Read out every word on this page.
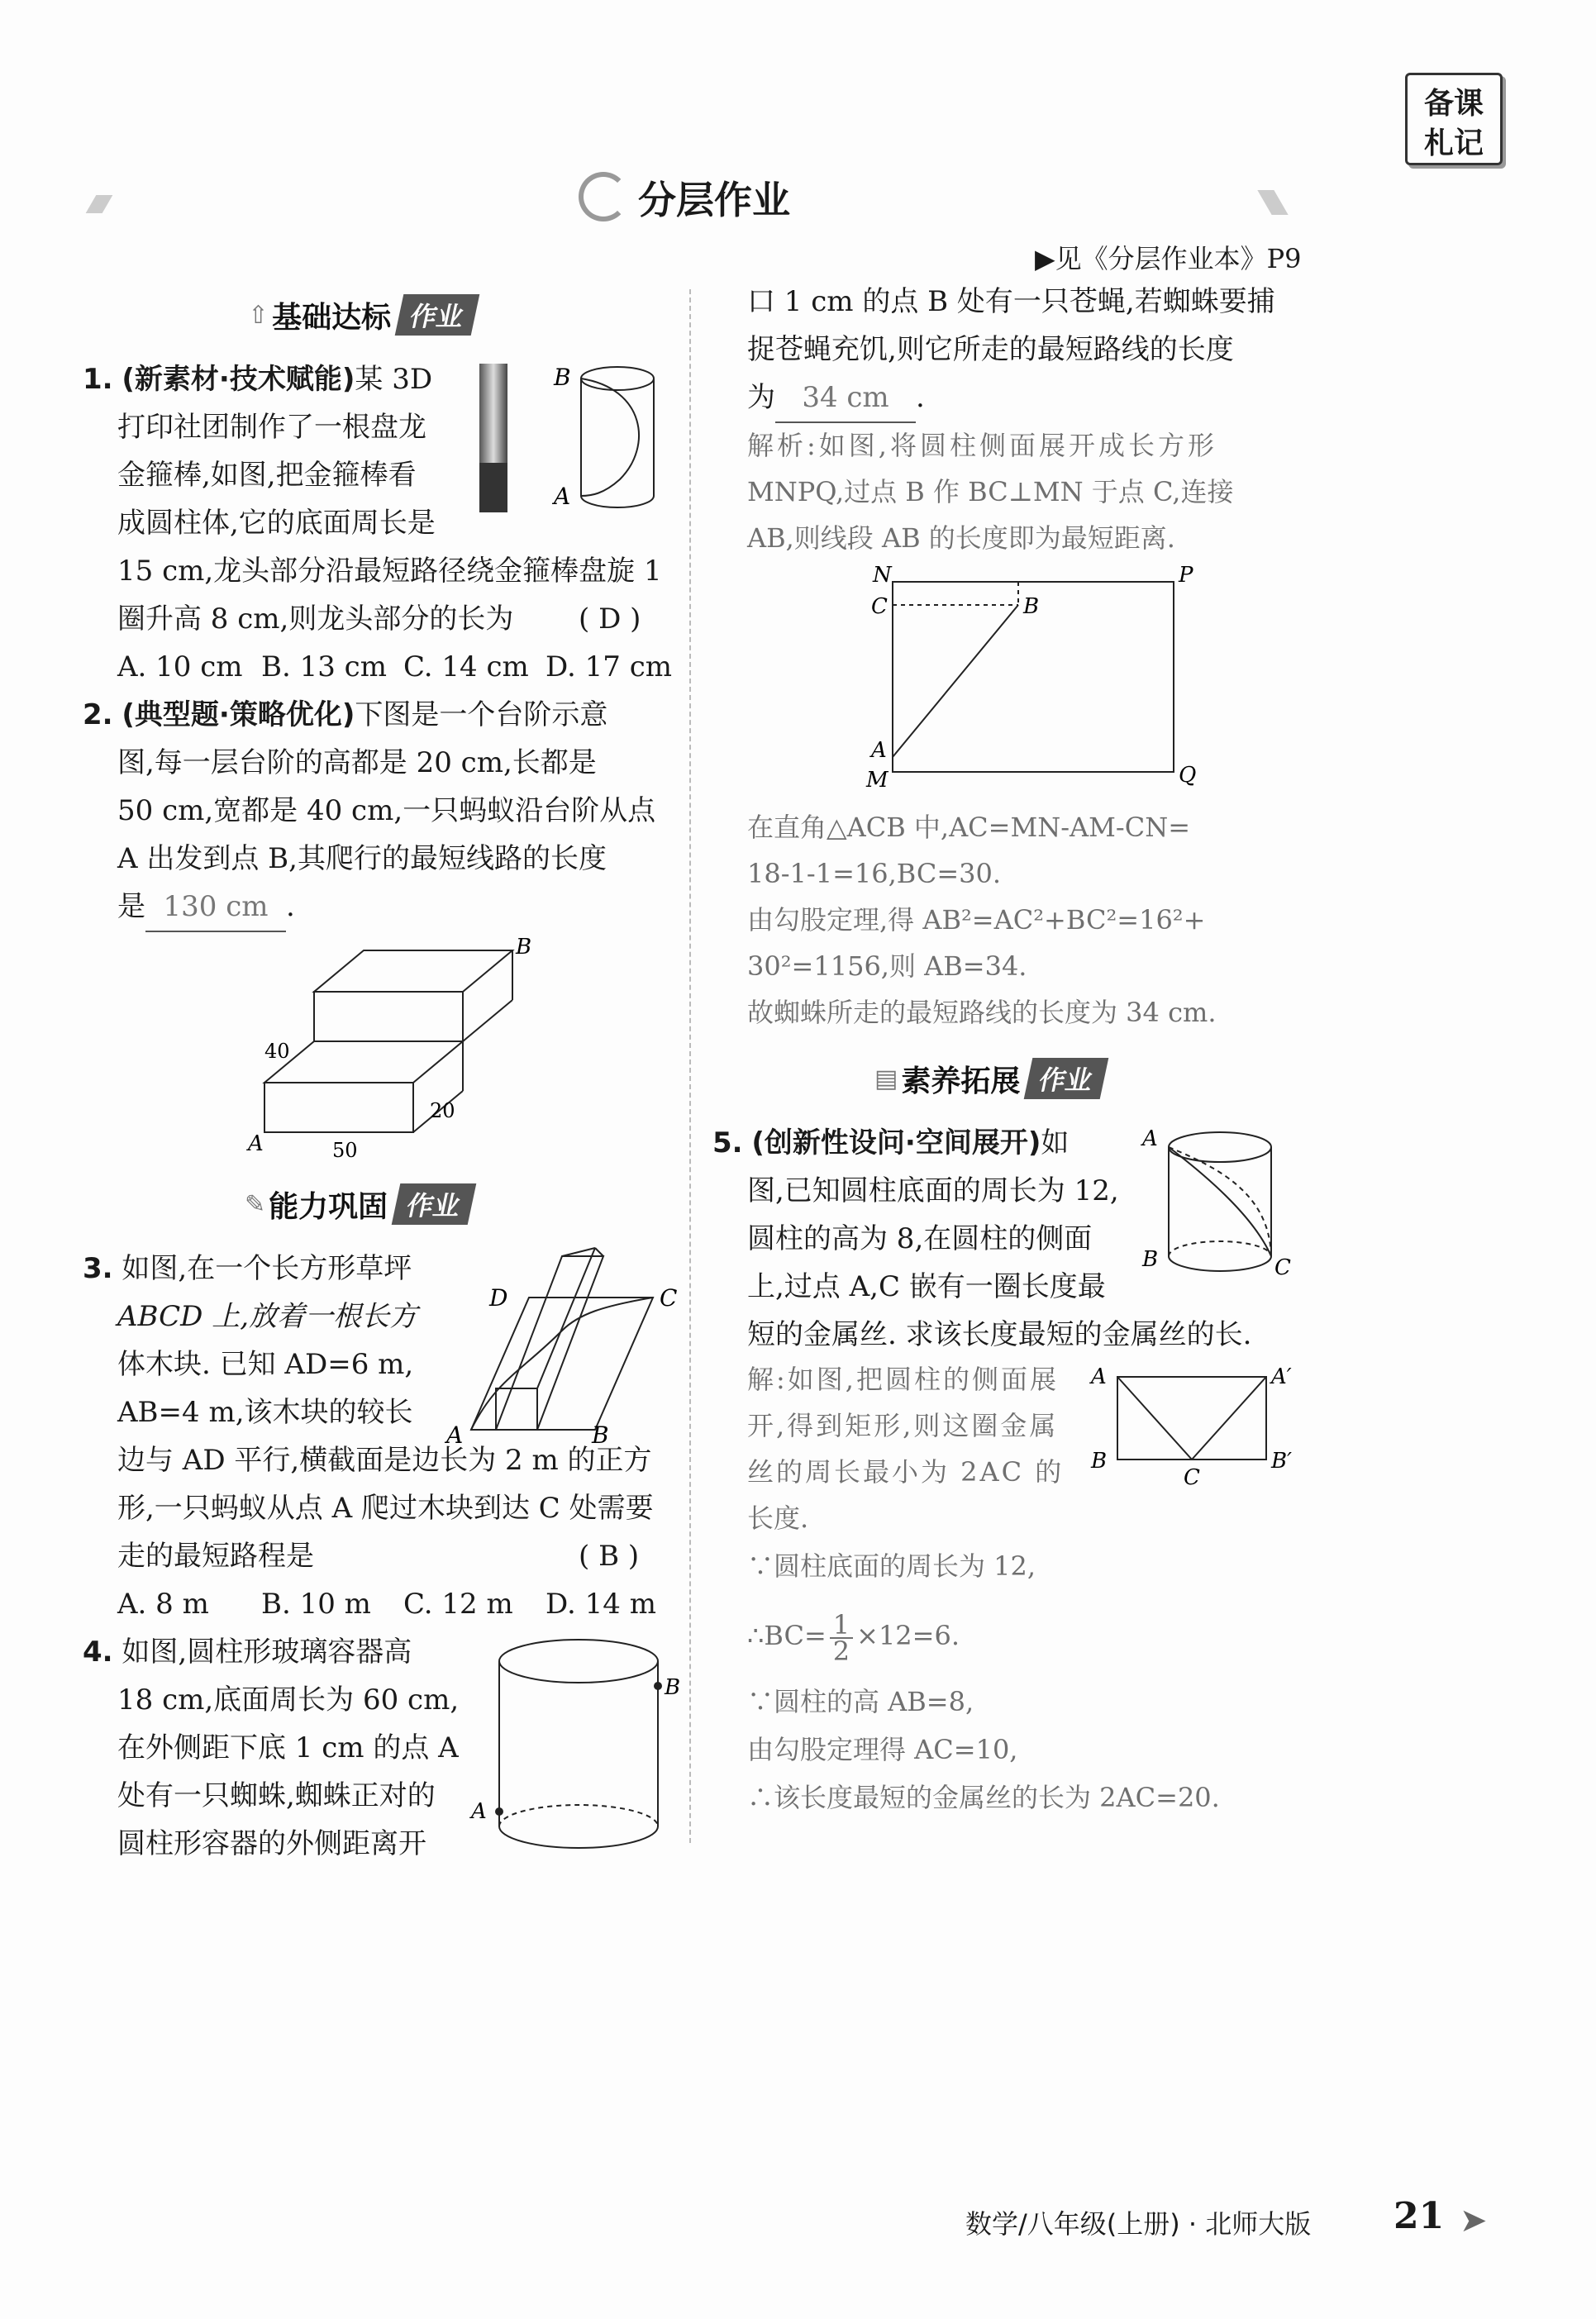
备课
札记
分层作业
▶见《分层作业本》P9
⇧ 基础达标 作业
1. (新素材·技术赋能)某 3D
打印社团制作了一根盘龙
金箍棒,如图,把金箍棒看
成圆柱体,它的底面周长是
15 cm,龙头部分沿最短路径绕金箍棒盘旋 1
圈升高 8 cm,则龙头部分的长为 ( D )
A. 10 cm B. 13 cm C. 14 cm D. 17 cm
B
A
2. (典型题·策略优化)下图是一个台阶示意
图,每一层台阶的高都是 20 cm,长都是
50 cm,宽都是 40 cm,一只蚂蚁沿台阶从点
A 出发到点 B,其爬行的最短线路的长度
是 130 cm .
B
A
40
20
50
✎ 能力巩固 作业
3. 如图,在一个长方形草坪
ABCD 上,放着一根长方
体木块. 已知 AD=6 m,
AB=4 m,该木块的较长
边与 AD 平行,横截面是边长为 2 m 的正方
形,一只蚂蚁从点 A 爬过木块到达 C 处需要
走的最短路程是	( B )
A. 8 m B. 10 m C. 12 m D. 14 m
D	C
A	B
4. 如图,圆柱形玻璃容器高
18 cm,底面周长为 60 cm,
在外侧距下底 1 cm 的点 A
处有一只蜘蛛,蜘蛛正对的
圆柱形容器的外侧距离开
B
A
口 1 cm 的点 B 处有一只苍蝇,若蜘蛛要捕
捉苍蝇充饥,则它所走的最短路线的长度
为 34 cm .
解析:如图,将圆柱侧面展开成长方形
MNPQ,过点 B 作 BC⊥MN 于点 C,连接
AB,则线段 AB 的长度即为最短距离.
N	P
C	B
A
M	Q
在直角△ACB 中,AC=MN-AM-CN=
18-1-1=16,BC=30.
由勾股定理,得 AB²=AC²+BC²=16²+
30²=1156,则 AB=34.
故蜘蛛所走的最短路线的长度为 34 cm.
▤ 素养拓展 作业
5. (创新性设问·空间展开)如
图,已知圆柱底面的周长为 12,
圆柱的高为 8,在圆柱的侧面
上,过点 A,C 嵌有一圈长度最
短的金属丝. 求该长度最短的金属丝的长.
A
B	C
解:如图,把圆柱的侧面展
开,得到矩形,则这圈金属
丝的周长最小为 2AC 的
长度.
A	A′
B
C
B′
∵圆柱底面的周长为 12,
∴BC= $\frac{1}{2} \times 12=6$.
∵圆柱的高 AB=8,
由勾股定理得 AC=10,
∴该长度最短的金属丝的长为 2AC=20.
数学/八年级(上册) · 北师大版 21 ➤
